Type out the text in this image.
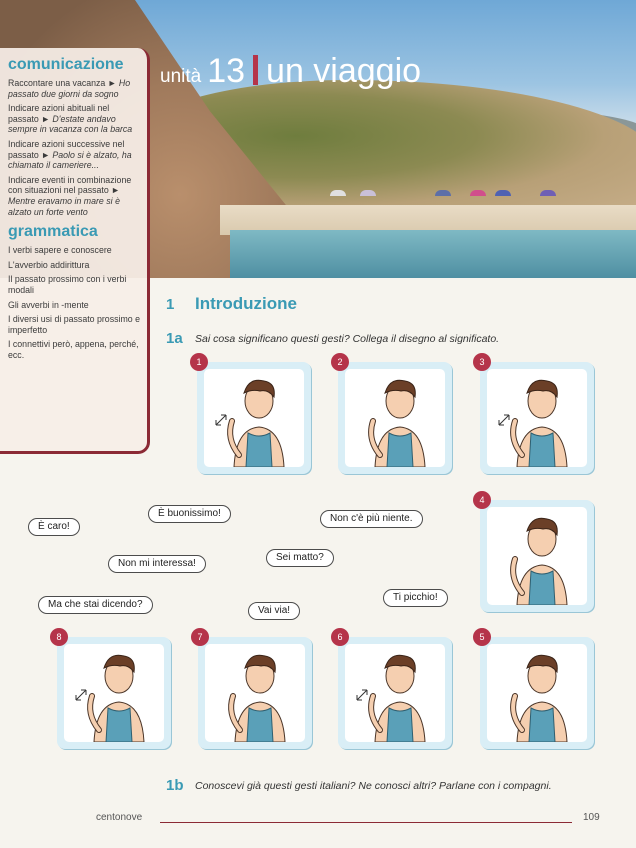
unità 13 un viaggio
comunicazione
Raccontare una vacanza ► Ho passato due giorni da sogno
Indicare azioni abituali nel passato ► D'estate andavo sempre in vacanza con la barca
Indicare azioni successive nel passato ► Paolo si è alzato, ha chiamato il cameriere...
Indicare eventi in combinazione con situazioni nel passato ► Mentre eravamo in mare si è alzato un forte vento
grammatica
I verbi sapere e conoscere
L'avverbio addirittura
Il passato prossimo con i verbi modali
Gli avverbi in -mente
I diversi usi di passato prossimo e imperfetto
I connettivi però, appena, perché, ecc.
1 Introduzione
1a Sai cosa significano questi gesti? Collega il disegno al significato.
1	2	3
4
8	7	6	5
È caro!
È buonissimo!	Non c'è più niente.
Non mi interessa!
Sei matto?
Ma che stai dicendo?
Vai via!
Ti picchio!
1b Conoscevi già questi gesti italiani? Ne conosci altri? Parlane con i compagni.
centonove	109
